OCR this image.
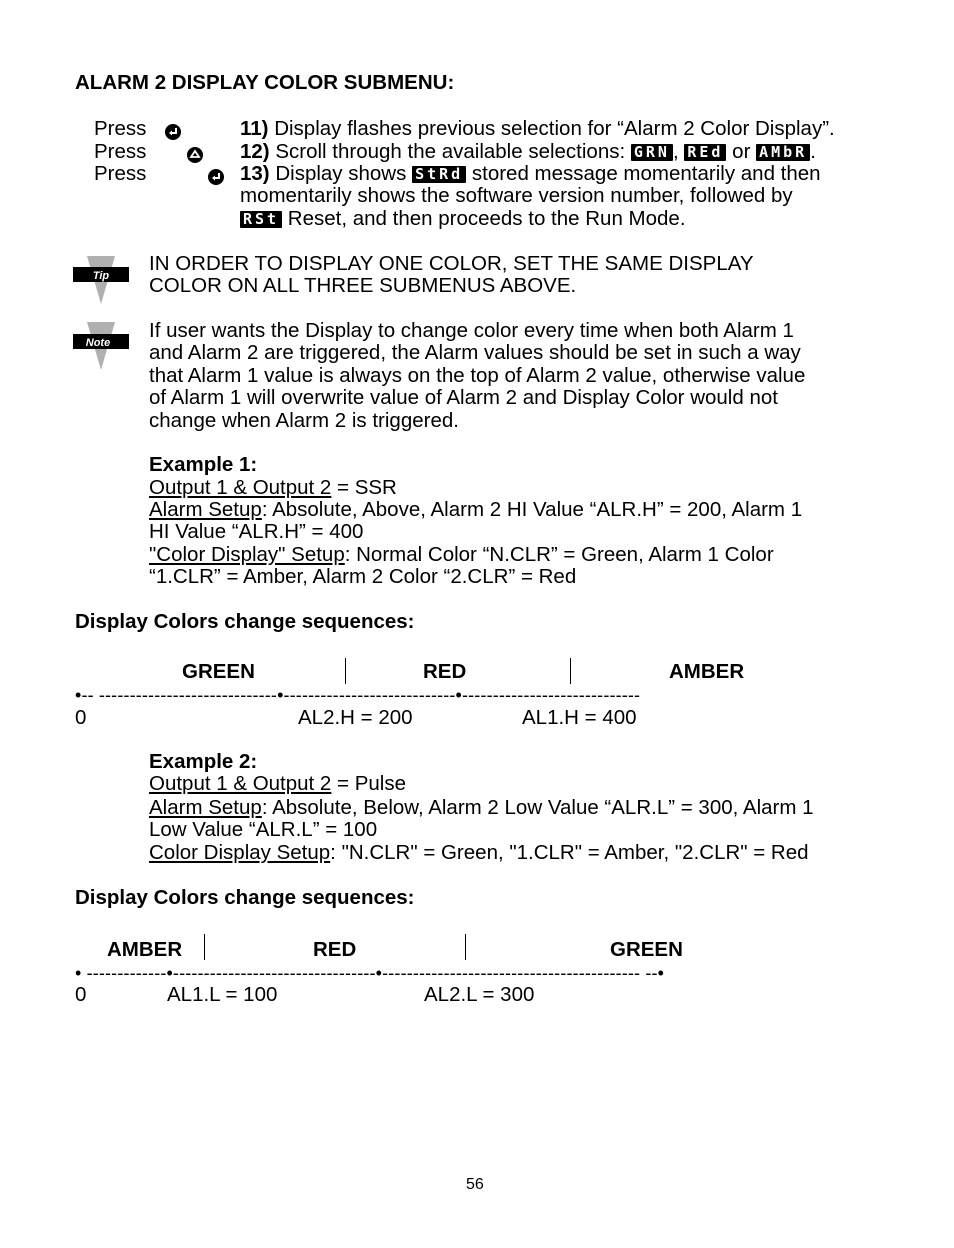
ALARM 2 DISPLAY COLOR SUBMENU:
Press
	11) Display flashes previous selection for “Alarm 2 Color Display”.
Press
	12) Scroll through the available selections: GRN , REd or AMbR .
Press	13) Display shows StRd stored message momentarily and then
momentarily shows the software version number, followed by
RSt Reset, and then proceeds to the Run Mode.
Tip
IN ORDER TO DISPLAY ONE COLOR, SET THE SAME DISPLAY
COLOR ON ALL THREE SUBMENUS ABOVE.
Note
If user wants the Display to change color every time when both Alarm 1
and Alarm 2 are triggered, the Alarm values should be set in such a way
that Alarm 1 value is always on the top of Alarm 2 value, otherwise value
of Alarm 1 will overwrite value of Alarm 2 and Display Color would not
change when Alarm 2 is triggered.
Example 1:
Output 1 & Output 2 = SSR
Alarm Setup: Absolute, Above, Alarm 2 HI Value “ALR.H” = 200, Alarm 1
HI Value “ALR.H” = 400
"Color Display" Setup: Normal Color “N.CLR” = Green, Alarm 1 Color
“1.CLR” = Amber, Alarm 2 Color “2.CLR” = Red
Display Colors change sequences:
GREEN	RED	AMBER
•-- -----------------------------•----------------------------•-----------------------------
0	AL2.H = 200	AL1.H = 400
Example 2:
Output 1 & Output 2 = Pulse
Alarm Setup: Absolute, Below, Alarm 2 Low Value “ALR.L” = 300, Alarm 1
Low Value “ALR.L” = 100
Color Display Setup: "N.CLR" = Green, "1.CLR" = Amber, "2.CLR" = Red
Display Colors change sequences:
AMBER	RED	GREEN
• -------------•---------------------------------•------------------------------------------ --•
0	AL1.L = 100	AL2.L = 300
56
